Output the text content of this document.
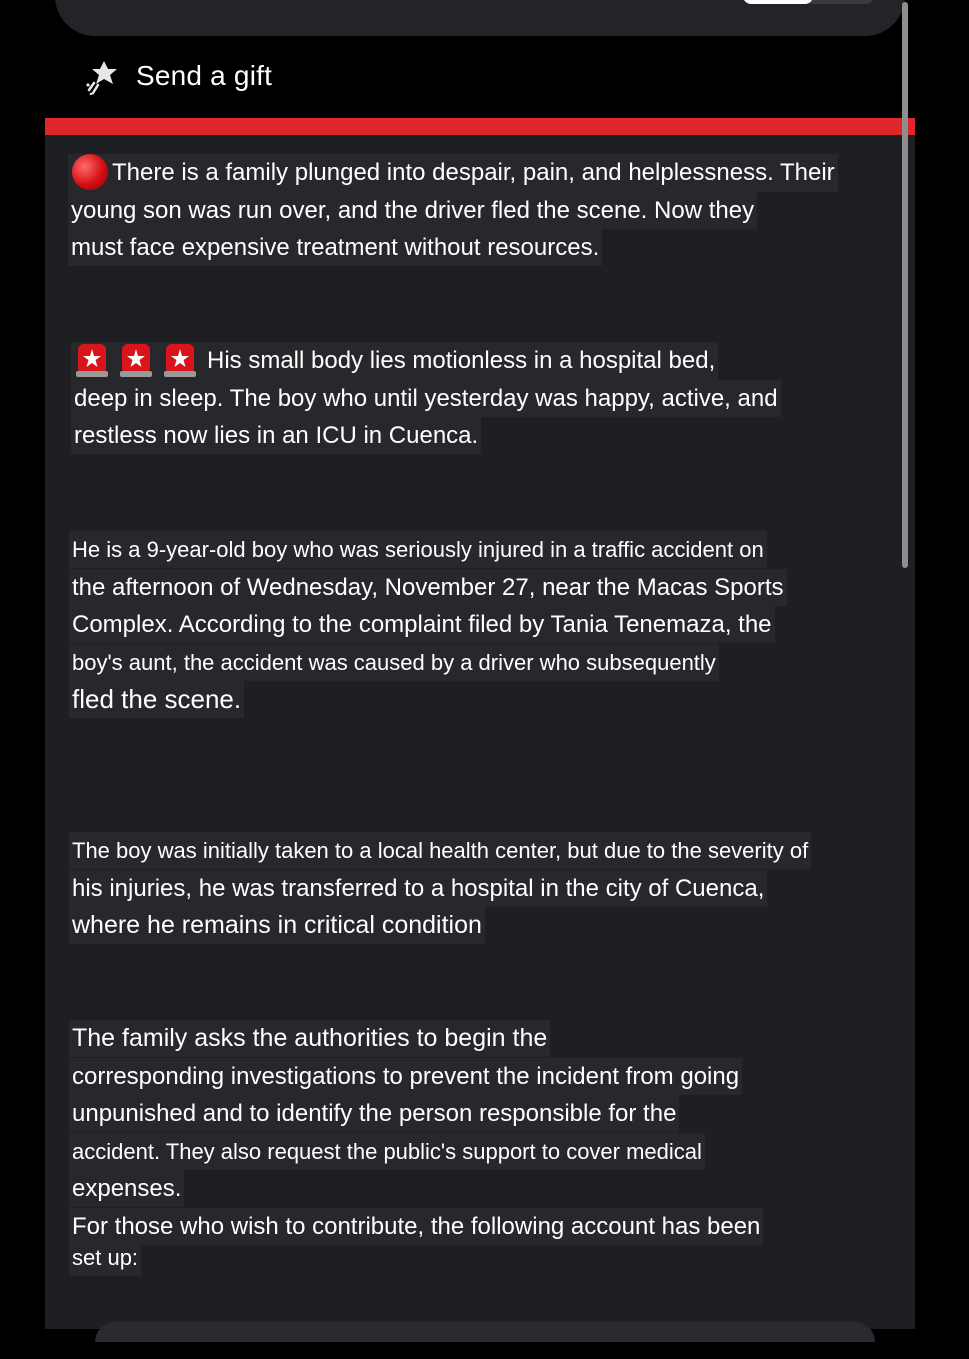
Send a gift
There is a family plunged into despair, pain, and helplessness. Their
young son was run over, and the driver fled the scene. Now they
must face expensive treatment without resources.
His small body lies motionless in a hospital bed,
deep in sleep. The boy who until yesterday was happy, active, and
restless now lies in an ICU in Cuenca.
He is a 9-year-old boy who was seriously injured in a traffic accident on
the afternoon of Wednesday, November 27, near the Macas Sports
Complex. According to the complaint filed by Tania Tenemaza, the
boy's aunt, the accident was caused by a driver who subsequently
fled the scene.
The boy was initially taken to a local health center, but due to the severity of
his injuries, he was transferred to a hospital in the city of Cuenca,
where he remains in critical condition
The family asks the authorities to begin the
corresponding investigations to prevent the incident from going
unpunished and to identify the person responsible for the
accident. They also request the public's support to cover medical
expenses.
For those who wish to contribute, the following account has been
set up:
